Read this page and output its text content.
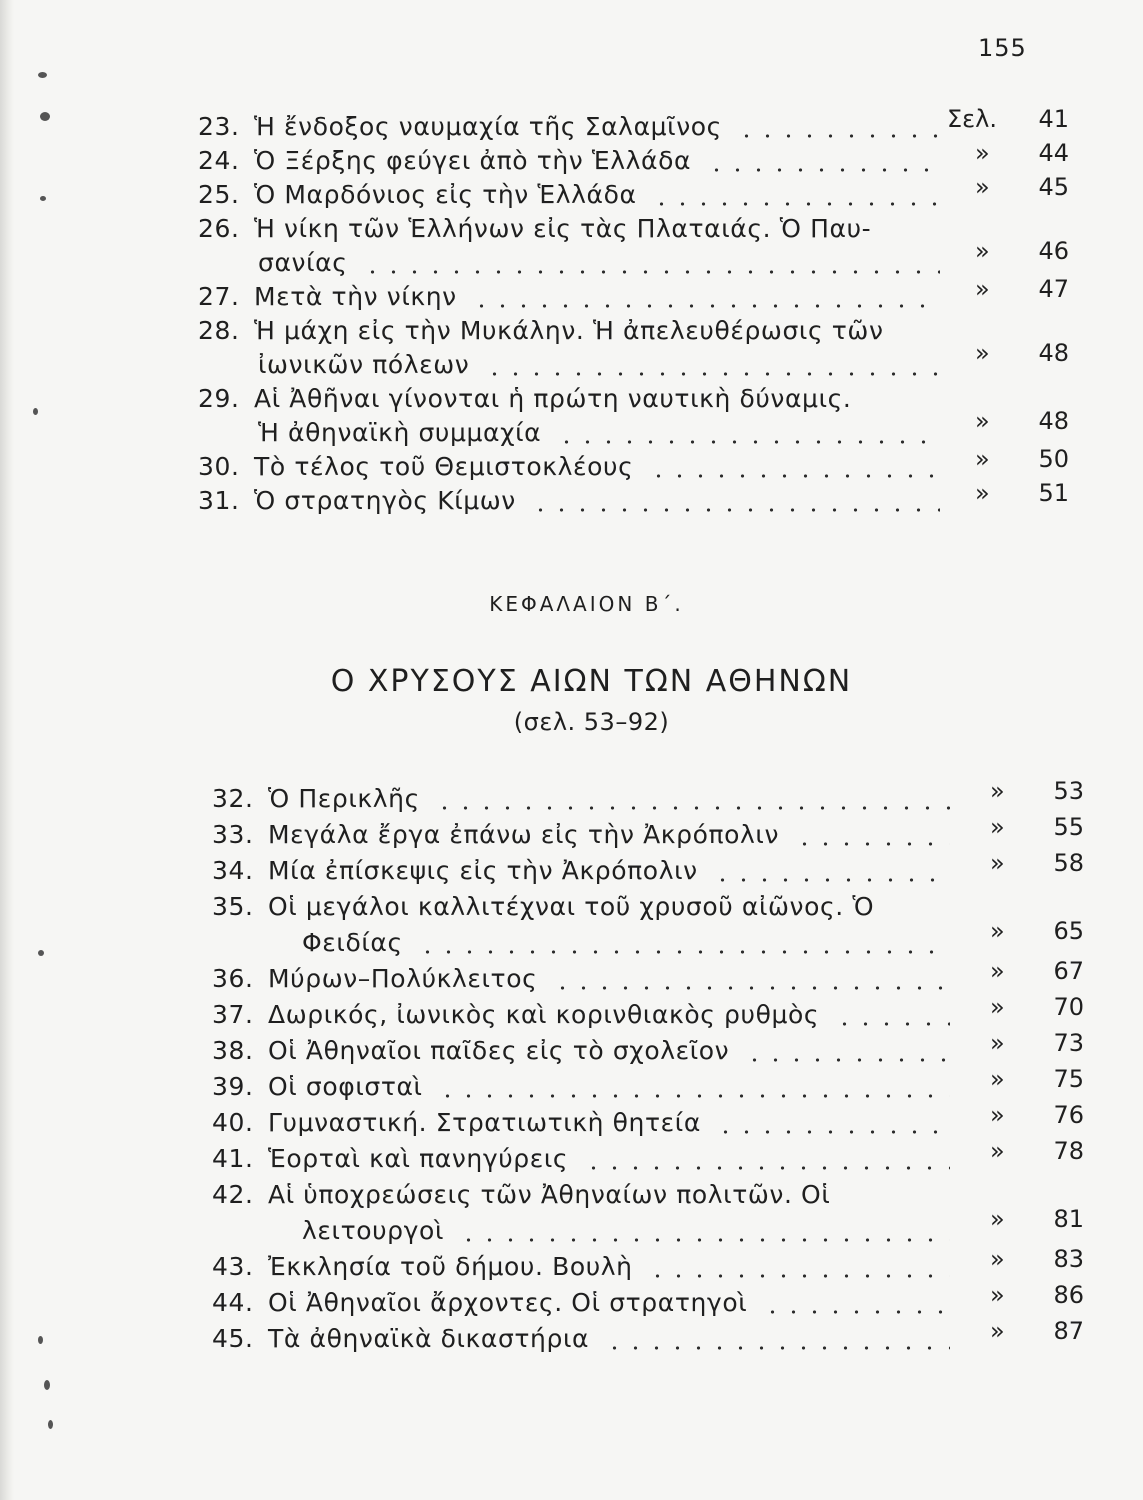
155
23. Ἡ ἔνδοξος ναυμαχία τῆς Σαλαμῖνος	Σελ. 41
24. Ὁ Ξέρξης φεύγει ἀπὸ τὴν Ἑλλάδα	» 44
25. Ὁ Μαρδόνιος εἰς τὴν Ἑλλάδα	» 45
26. Ἡ νίκη τῶν Ἑλλήνων εἰς τὰς Πλαταιάς. Ὁ Παυ-
σανίας	» 46
27. Μετὰ τὴν νίκην	» 47
28. Ἡ μάχη εἰς τὴν Μυκάλην. Ἡ ἀπελευθέρωσις τῶν
ἰωνικῶν πόλεων	» 48
29. Αἱ Ἀθῆναι γίνονται ἡ πρώτη ναυτικὴ δύναμις.
Ἡ ἀθηναϊκὴ συμμαχία	» 48
30. Τὸ τέλος τοῦ Θεμιστοκλέους	» 50
31. Ὁ στρατηγὸς Κίμων	» 51
32. Ὁ Περικλῆς	» 53
33. Μεγάλα ἔργα ἐπάνω εἰς τὴν Ἀκρόπολιν	» 55
34. Μία ἐπίσκεψις εἰς τὴν Ἀκρόπολιν	» 58
35. Οἱ μεγάλοι καλλιτέχναι τοῦ χρυσοῦ αἰῶνος. Ὁ
Φειδίας	» 65
36. Μύρων–Πολύκλειτος	» 67
37. Δωρικός, ἰωνικὸς καὶ κορινθιακὸς ρυθμὸς	» 70
38. Οἱ Ἀθηναῖοι παῖδες εἰς τὸ σχολεῖον	» 73
39. Οἱ σοφισταὶ	» 75
40. Γυμναστική. Στρατιωτικὴ θητεία	» 76
41. Ἑορταὶ καὶ πανηγύρεις	» 78
42. Αἱ ὑποχρεώσεις τῶν Ἀθηναίων πολιτῶν. Οἱ
λειτουργοὶ	» 81
43. Ἐκκλησία τοῦ δήμου. Βουλὴ	» 83
44. Οἱ Ἀθηναῖοι ἄρχοντες. Οἱ στρατηγοὶ	» 86
45. Τὰ ἀθηναϊκὰ δικαστήρια	» 87
ΚΕΦΑΛΑΙΟΝ Β΄.
Ο ΧΡΥΣΟΥΣ ΑΙΩΝ ΤΩΝ ΑΘΗΝΩΝ
(σελ. 53–92)
